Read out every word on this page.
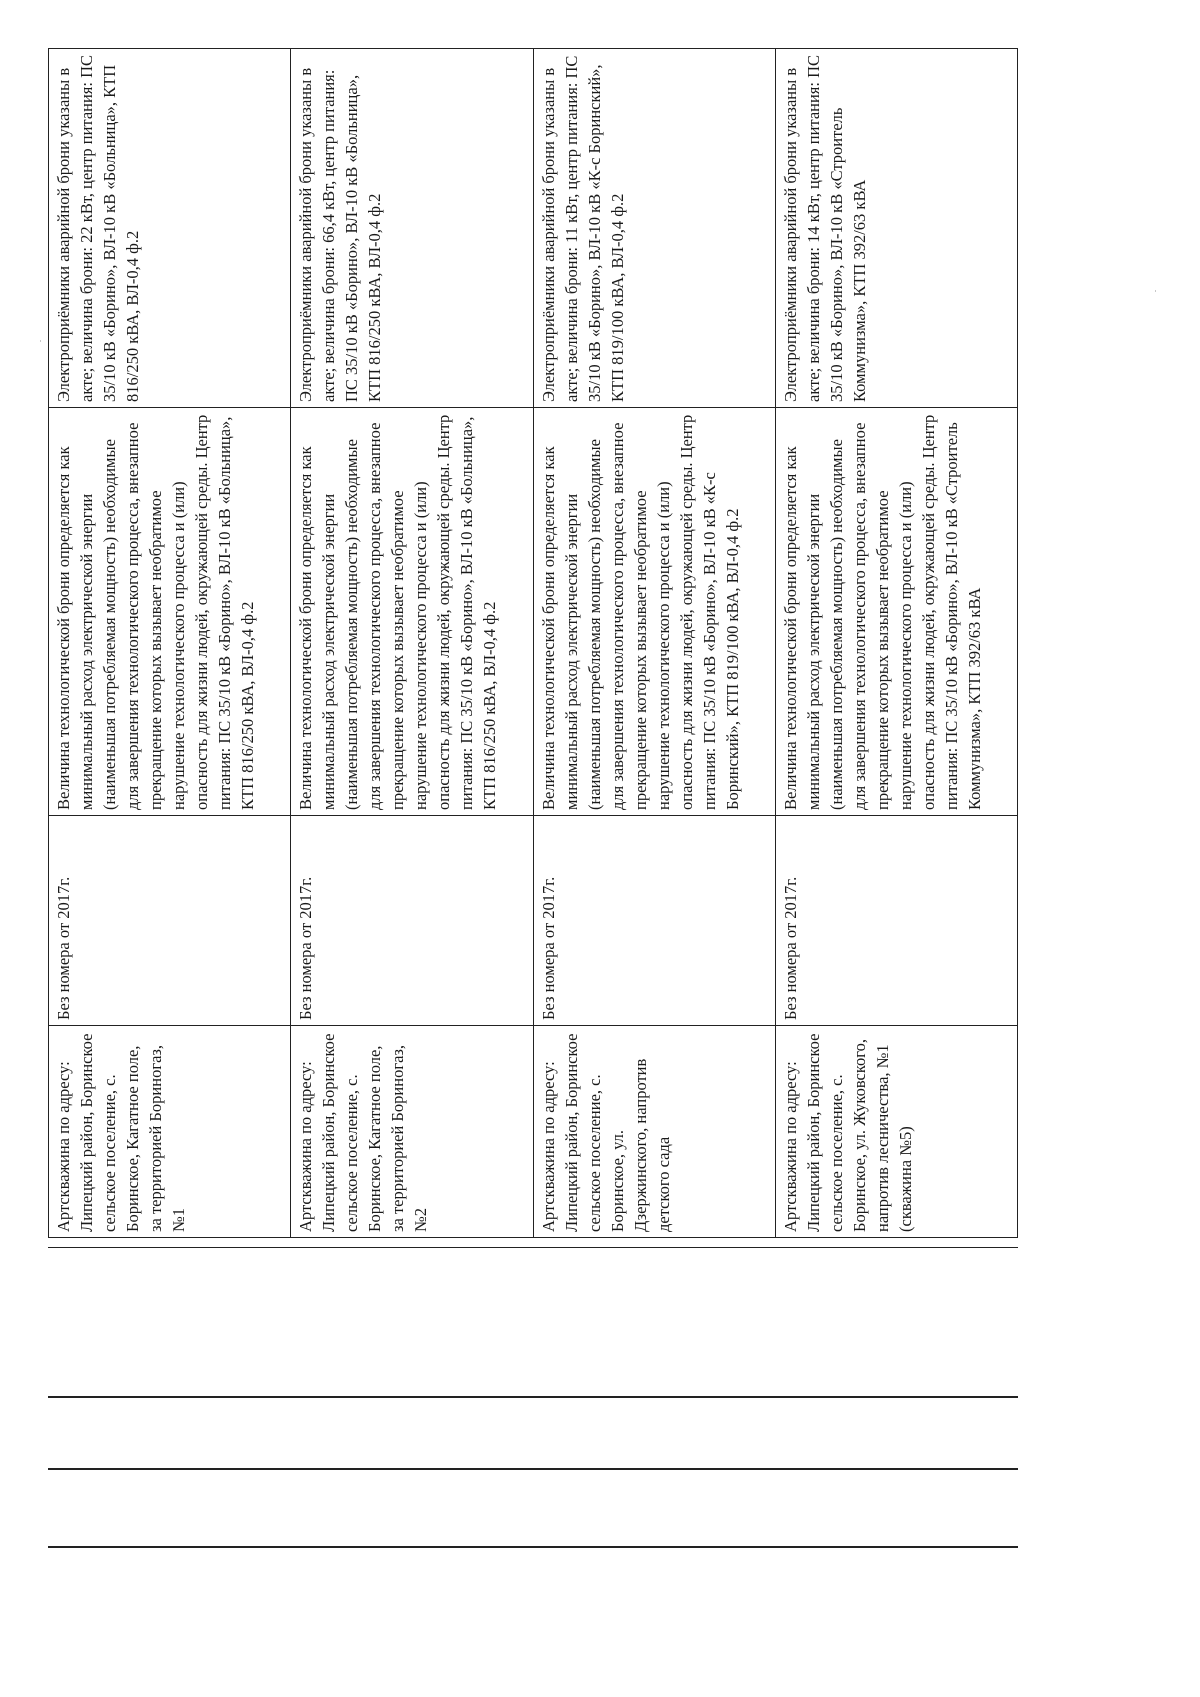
Артскважина по адресу: Липецкий район, Боринское сельское поселение, с. Боринское, Кагатное поле, за территорией Бориногаз, №1
Без номера от 2017г.
Величина технологической брони определяется как минимальный расход электрической энергии (наименьшая потребляемая мощность) необходимые для завершения технологического процесса, внезапное прекращение которых вызывает необратимое нарушение технологического процесса и (или) опасность для жизни людей, окружающей среды. Центр питания: ПС 35/10 кВ «Борино», ВЛ-10 кВ «Больница», КТП 816/250 кВА, ВЛ-0,4 ф.2
Электроприёмники аварийной брони указаны в акте; величина брони: 22 кВт, центр питания: ПС 35/10 кВ «Борино», ВЛ-10 кВ «Больница», КТП 816/250 кВА, ВЛ-0,4 ф.2
Артскважина по адресу: Липецкий район, Боринское сельское поселение, с. Боринское, Кагатное поле, за территорией Бориногаз, №2
Без номера от 2017г.
Величина технологической брони определяется как минимальный расход электрической энергии (наименьшая потребляемая мощность) необходимые для завершения технологического процесса, внезапное прекращение которых вызывает необратимое нарушение технологического процесса и (или) опасность для жизни людей, окружающей среды. Центр питания: ПС 35/10 кВ «Борино», ВЛ-10 кВ «Больница», КТП 816/250 кВА, ВЛ-0,4 ф.2
Электроприёмники аварийной брони указаны в акте; величина брони: 66,4 кВт, центр питания: ПС 35/10 кВ «Борино», ВЛ-10 кВ «Больница», КТП 816/250 кВА, ВЛ-0,4 ф.2
Артскважина по адресу: Липецкий район, Боринское сельское поселение, с. Боринское, ул. Дзержинского, напротив детского сада
Без номера от 2017г.
Величина технологической брони определяется как минимальный расход электрической энергии (наименьшая потребляемая мощность) необходимые для завершения технологического процесса, внезапное прекращение которых вызывает необратимое нарушение технологического процесса и (или) опасность для жизни людей, окружающей среды. Центр питания: ПС 35/10 кВ «Борино», ВЛ-10 кВ «К-с Боринский», КТП 819/100 кВА, ВЛ-0,4 ф.2
Электроприёмники аварийной брони указаны в акте; величина брони: 11 кВт, центр питания: ПС 35/10 кВ «Борино», ВЛ-10 кВ «К-с Боринский», КТП 819/100 кВА, ВЛ-0,4 ф.2
Артскважина по адресу: Липецкий район, Боринское сельское поселение, с. Боринское, ул. Жуковского, напротив лесничества, №1 (скважина №5)
Без номера от 2017г.
Величина технологической брони определяется как минимальный расход электрической энергии (наименьшая потребляемая мощность) необходимые для завершения технологического процесса, внезапное прекращение которых вызывает необратимое нарушение технологического процесса и (или) опасность для жизни людей, окружающей среды. Центр питания: ПС 35/10 кВ «Борино», ВЛ-10 кВ «Строитель Коммунизма», КТП 392/63 кВА
Электроприёмники аварийной брони указаны в акте; величина брони: 14 кВт, центр питания: ПС 35/10 кВ «Борино», ВЛ-10 кВ «Строитель Коммунизма», КТП 392/63 кВА
